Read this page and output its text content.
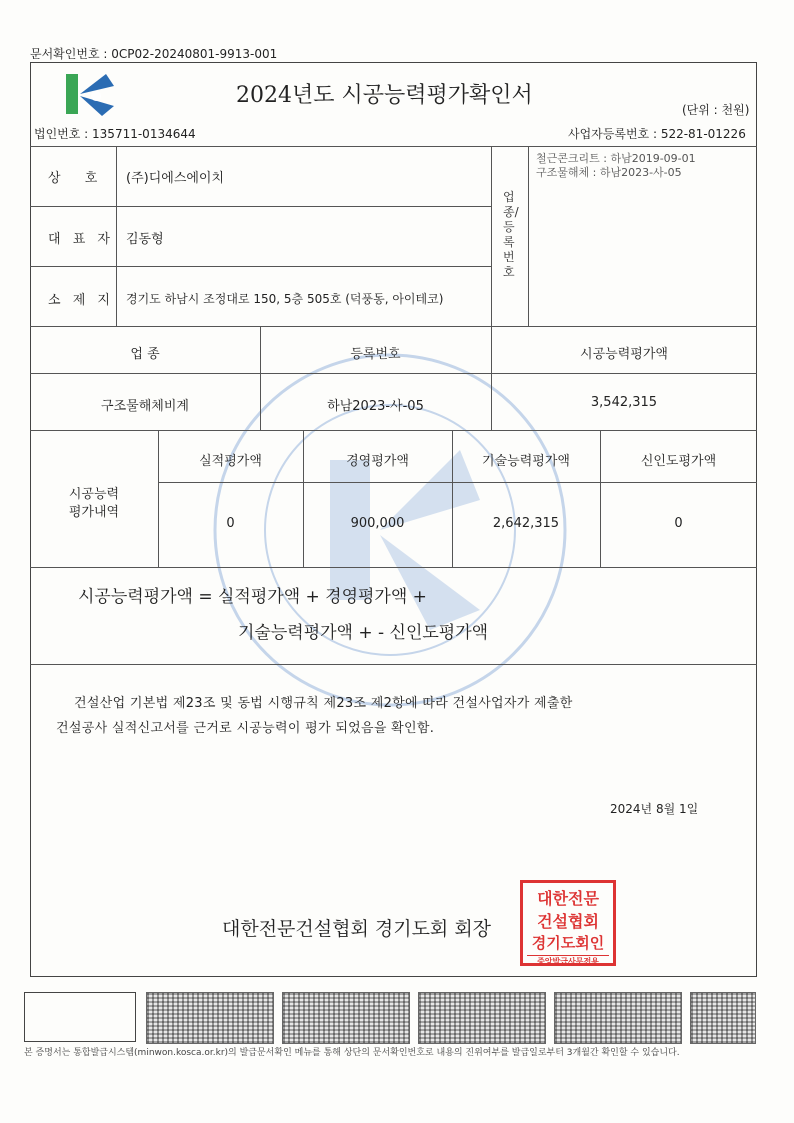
문서확인번호 : 0CP02-20240801-9913-001
2024년도 시공능력평가확인서
(단위 : 천원)
법인번호 : 135711-0134644	사업자등록번호 : 522-81-01226
상 호 (주)디에스에이치
대 표 자 김동형
소 제 지 경기도 하남시 조정대로 150, 5층 505호 (덕풍동, 아이테코)
업종/등록번호
철근콘크리트 : 하남2019-09-01
구조물해체 : 하남2023-사-05
업 종	등록번호	시공능력평가액
구조물해체비계	하남2023-사-05	3,542,315
시공능력
평가내역
실적평가액	경영평가액	기술능력평가액	신인도평가액
0	900,000	2,642,315	0
시공능력평가액 = 실적평가액 + 경영평가액 +
기술능력평가액 + - 신인도평가액
건설산업 기본법 제23조 및 동법 시행규칙 제23조 제2항에 따라 건설사업자가 제출한
건설공사 실적신고서를 근거로 시공능력이 평가 되었음을 확인함.
2024년 8월 1일
대한전문건설협회 경기도회 회장
대한전문
건설협회
경기도회인
중앙발급사무전용
본 증명서는 통합발급시스템(minwon.kosca.or.kr)의 발급문서확인 메뉴를 통해 상단의 문서확인번호로 내용의 진위여부를 발급일로부터 3개월간 확인할 수 있습니다.
